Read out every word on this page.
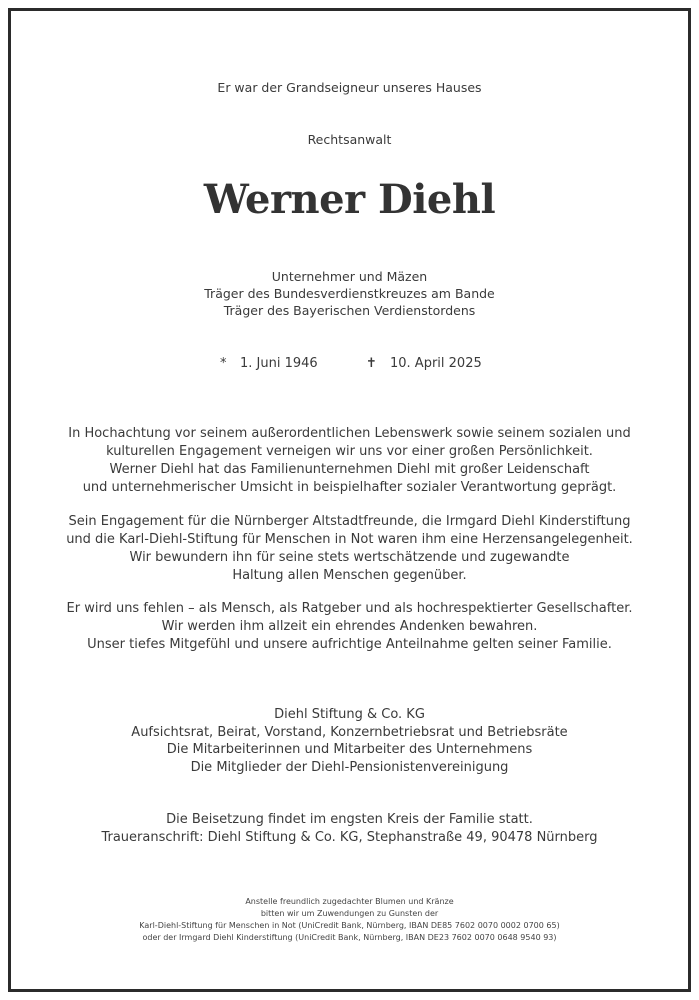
Er war der Grandseigneur unseres Hauses
Rechtsanwalt
Werner Diehl
Unternehmer und Mäzen
Träger des Bundesverdienstkreuzes am Bande
Träger des Bayerischen Verdienstordens
* 1. Juni 1946	✝ 10. April 2025
In Hochachtung vor seinem außerordentlichen Lebenswerk sowie seinem sozialen und
kulturellen Engagement verneigen wir uns vor einer großen Persönlichkeit.
Werner Diehl hat das Familienunternehmen Diehl mit großer Leidenschaft
und unternehmerischer Umsicht in beispielhafter sozialer Verantwortung geprägt.
Sein Engagement für die Nürnberger Altstadtfreunde, die Irmgard Diehl Kinderstiftung
und die Karl-Diehl-Stiftung für Menschen in Not waren ihm eine Herzensangelegenheit.
Wir bewundern ihn für seine stets wertschätzende und zugewandte
Haltung allen Menschen gegenüber.
Er wird uns fehlen – als Mensch, als Ratgeber und als hochrespektierter Gesellschafter.
Wir werden ihm allzeit ein ehrendes Andenken bewahren.
Unser tiefes Mitgefühl und unsere aufrichtige Anteilnahme gelten seiner Familie.
Diehl Stiftung & Co. KG
Aufsichtsrat, Beirat, Vorstand, Konzernbetriebsrat und Betriebsräte
Die Mitarbeiterinnen und Mitarbeiter des Unternehmens
Die Mitglieder der Diehl-Pensionistenvereinigung
Die Beisetzung findet im engsten Kreis der Familie statt.
Traueranschrift: Diehl Stiftung & Co. KG, Stephanstraße 49, 90478 Nürnberg
Anstelle freundlich zugedachter Blumen und Kränze
bitten wir um Zuwendungen zu Gunsten der
Karl-Diehl-Stiftung für Menschen in Not (UniCredit Bank, Nürnberg, IBAN DE85 7602 0070 0002 0700 65)
oder der Irmgard Diehl Kinderstiftung (UniCredit Bank, Nürnberg, IBAN DE23 7602 0070 0648 9540 93)
